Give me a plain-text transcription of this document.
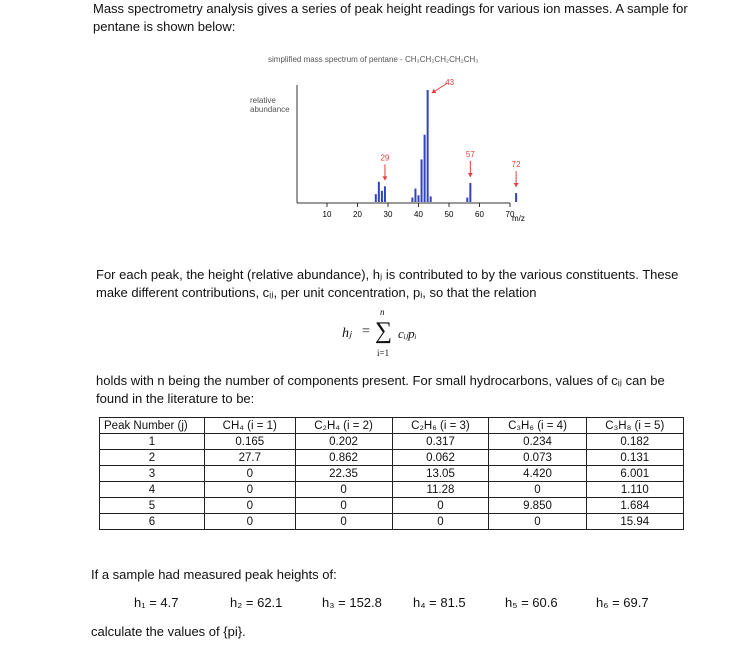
Mass spectrometry analysis gives a series of peak height readings for various ion masses. A sample for
pentane is shown below:
simplified mass spectrum of pentane - CH₃CH₂CH₂CH₂CH₃
relative
abundance
10	20	30	40	50	60	70
43
29	57
72
m/z
For each peak, the height (relative abundance), hⱼ is contributed to by the various constituents. These
make different contributions, cᵢⱼ, per unit concentration, pᵢ, so that the relation
hⱼ = ∑
n
i=1
cᵢⱼpᵢ
holds with n being the number of components present. For small hydrocarbons, values of cᵢⱼ can be
found in the literature to be:
Peak Number (j)	CH₄ (i = 1)	C₂H₄ (i = 2)	C₂H₆ (i = 3)	C₃H₆ (i = 4)	C₃H₈ (i = 5)
1	0.165	0.202	0.317	0.234	0.182
2	27.7	0.862	0.062	0.073	0.131
3	0	22.35	13.05	4.420	6.001
4	0	0	11.28	0	1.110
5	0	0	0	9.850	1.684
6	0	0	0	0	15.94
If a sample had measured peak heights of:
h₁ = 4.7	h₂ = 62.1	h₃ = 152.8 h₄ = 81.5	h₅ = 60.6	h₆ = 69.7
calculate the values of {pi}.
